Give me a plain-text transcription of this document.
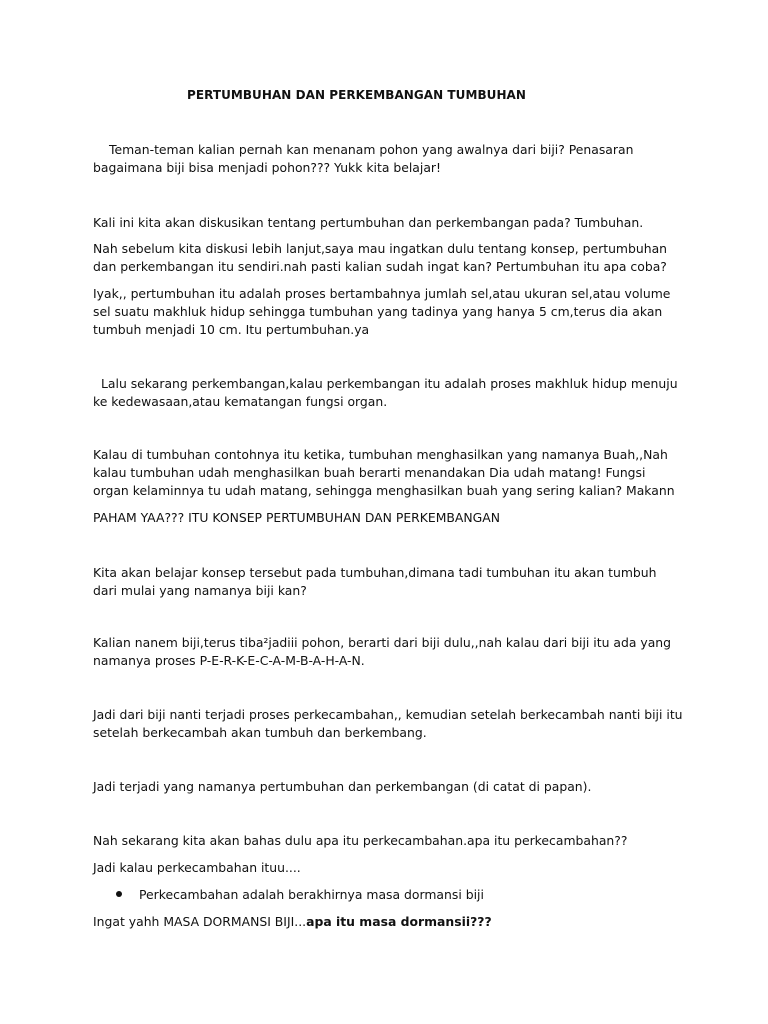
PERTUMBUHAN DAN PERKEMBANGAN TUMBUHAN

Teman-teman kalian pernah kan menanam pohon yang awalnya dari biji? Penasaran bagaimana biji bisa menjadi pohon??? Yukk kita belajar!

Kali ini kita akan diskusikan tentang pertumbuhan dan perkembangan pada? Tumbuhan.

Nah sebelum kita diskusi lebih lanjut,saya mau ingatkan dulu tentang konsep, pertumbuhan dan perkembangan itu sendiri.nah pasti kalian sudah ingat kan? Pertumbuhan itu apa coba?

Iyak,, pertumbuhan itu adalah proses bertambahnya jumlah sel,atau ukuran sel,atau volume sel suatu makhluk hidup sehingga tumbuhan yang tadinya yang hanya 5 cm,terus dia akan tumbuh menjadi 10 cm. Itu pertumbuhan.ya

Lalu sekarang perkembangan,kalau perkembangan itu adalah proses makhluk hidup menuju ke kedewasaan,atau kematangan fungsi organ.

Kalau di tumbuhan contohnya itu ketika, tumbuhan menghasilkan yang namanya Buah,,Nah kalau tumbuhan udah menghasilkan buah berarti menandakan Dia udah matang! Fungsi organ kelaminnya tu udah matang, sehingga menghasilkan buah yang sering kalian? Makann

PAHAM YAA??? ITU KONSEP PERTUMBUHAN DAN PERKEMBANGAN

Kita akan belajar konsep tersebut pada tumbuhan,dimana tadi tumbuhan itu akan tumbuh dari mulai yang namanya biji kan?

Kalian nanem biji,terus tiba²jadiii pohon, berarti dari biji dulu,,nah kalau dari biji itu ada yang namanya proses P-E-R-K-E-C-A-M-B-A-H-A-N.

Jadi dari biji nanti terjadi proses perkecambahan,, kemudian setelah berkecambah nanti biji itu setelah berkecambah akan tumbuh dan berkembang.

Jadi terjadi yang namanya pertumbuhan dan perkembangan (di catat di papan).

Nah sekarang kita akan bahas dulu apa itu perkecambahan.apa itu perkecambahan??

Jadi kalau perkecambahan ituu....

Perkecambahan adalah berakhirnya masa dormansi biji

Ingat yahh MASA DORMANSI BIJI...apa itu masa dormansii???
